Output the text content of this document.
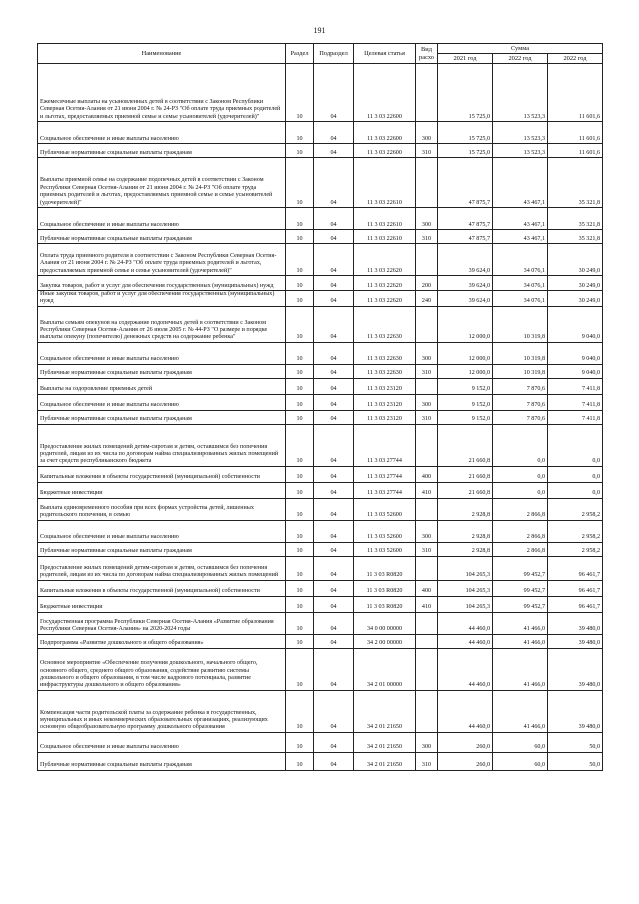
191
Наименование	Раздел	Подраздел	Целевая статья	Вид расхо	Сумма		
					2021 год	2022 год	2022 год
Ежемесячные выплаты на усыновленных детей в соответствии с Законом Республики Северная Осетия-Алания от 21 июня 2004 г. № 24-РЗ "Об оплате труда приемных родителей и льготах, предоставляемых приемной семье и семье усыновителей (удочерителей)"	10	04	11 3 03 22600		15 725,0	13 523,3	11 601,6
Социальное обеспечение и иные выплаты населению	10	04	11 3 03 22600	300	15 725,0	13 523,3	11 601,6
Публичные нормативные социальные выплаты гражданам	10	04	11 3 03 22600	310	15 725,0	13 523,3	11 601,6
Выплаты приемной семье на содержание подопечных детей в соответствии с Законом Республики Северная Осетия-Алания от 21 июня 2004 г. № 24-РЗ "Об оплате труда приемных родителей и льготах, предоставляемых приемной семье и семье усыновителей (удочерителей)"	10	04	11 3 03 22610		47 875,7	43 467,1	35 321,8
Социальное обеспечение и иные выплаты населению	10	04	11 3 03 22610	300	47 875,7	43 467,1	35 321,8
Публичные нормативные социальные выплаты гражданам	10	04	11 3 03 22610	310	47 875,7	43 467,1	35 321,8
Оплата труда приемного родителя в соответствии с Законом Республики Северная Осетия-Алания от 21 июня 2004 г. № 24-РЗ "Об оплате труда приемных родителей и льготах, предоставляемых приемной семье и семье усыновителей (удочерителей)"	10	04	11 3 03 22620		39 624,0	34 076,1	30 249,0
Закупка товаров, работ и услуг для обеспечения государственных (муниципальных) нужд	10	04	11 3 03 22620	200	39 624,0	34 076,1	30 249,0
Иные закупки товаров, работ и услуг для обеспечения государственных (муниципальных) нужд	10	04	11 3 03 22620	240	39 624,0	34 076,1	30 249,0
Выплаты семьям опекунов на содержание подопечных детей в соответствии с Законом Республики Северная Осетия-Алания от 26 июля 2005 г. № 44-РЗ "О размере и порядке выплаты опекуну (попечителю) денежных средств на содержание ребенка"	10	04	11 3 03 22630		12 000,0	10 319,8	9 040,0
Социальное обеспечение и иные выплаты населению	10	04	11 3 03 22630	300	12 000,0	10 319,8	9 040,0
Публичные нормативные социальные выплаты гражданам	10	04	11 3 03 22630	310	12 000,0	10 319,8	9 040,0
Выплаты на оздоровление приемных детей	10	04	11 3 03 23120		9 152,0	7 870,6	7 411,8
Социальное обеспечение и иные выплаты населению	10	04	11 3 03 23120	300	9 152,0	7 870,6	7 411,8
Публичные нормативные социальные выплаты гражданам	10	04	11 3 03 23120	310	9 152,0	7 870,6	7 411,8
Предоставление жилых помещений детям-сиротам и детям, оставшимся без попечения родителей, лицам из их числа по договорам найма специализированных жилых помещений за счет средств республиканского бюджета	10	04	11 3 03 27744		21 660,8	0,0	0,0
Капитальные вложения в объекты государственной (муниципальной) собственности	10	04	11 3 03 27744	400	21 660,8	0,0	0,0
Бюджетные инвестиции	10	04	11 3 03 27744	410	21 660,8	0,0	0,0
Выплата единовременного пособия при всех формах устройства детей, лишенных родительского попечения, в семью	10	04	11 3 03 52600		2 928,8	2 866,8	2 958,2
Социальное обеспечение и иные выплаты населению	10	04	11 3 03 52600	300	2 928,8	2 866,8	2 958,2
Публичные нормативные социальные выплаты гражданам	10	04	11 3 03 52600	310	2 928,8	2 866,8	2 958,2
Предоставление жилых помещений детям-сиротам и детям, оставшимся без попечения родителей, лицам из их числа по договорам найма специализированных жилых помещений	10	04	11 3 03 R0820		104 265,3	99 452,7	96 461,7
Капитальные вложения в объекты государственной (муниципальной) собственности	10	04	11 3 03 R0820	400	104 265,3	99 452,7	96 461,7
Бюджетные инвестиции	10	04	11 3 03 R0820	410	104 265,3	99 452,7	96 461,7
Государственная программа Республики Северная Осетия-Алания «Развитие образования Республики Северная Осетия-Алания» на 2020-2024 годы	10	04	34 0 00 00000		44 460,0	41 466,0	39 480,0
Подпрограмма «Развитие дошкольного и общего образования»	10	04	34 2 00 00000		44 460,0	41 466,0	39 480,0
Основное мероприятие «Обеспечение получения дошкольного, начального общего, основного общего, среднего общего образования, содействие развитию системы дошкольного и общего образования, в том числе кадрового потенциала, развитие инфраструктуры дошкольного и общего образования»	10	04	34 2 01 00000		44 460,0	41 466,0	39 480,0
Компенсация части родительской платы за содержание ребенка в государственных, муниципальных и иных некоммерческих образовательных организациях, реализующих основную общеобразовательную программу дошкольного образования	10	04	34 2 01 21650		44 460,0	41 466,0	39 480,0
Социальное обеспечение и иные выплаты населению	10	04	34 2 01 21650	300	260,0	60,0	50,0
Публичные нормативные социальные выплаты гражданам	10	04	34 2 01 21650	310	260,0	60,0	50,0
